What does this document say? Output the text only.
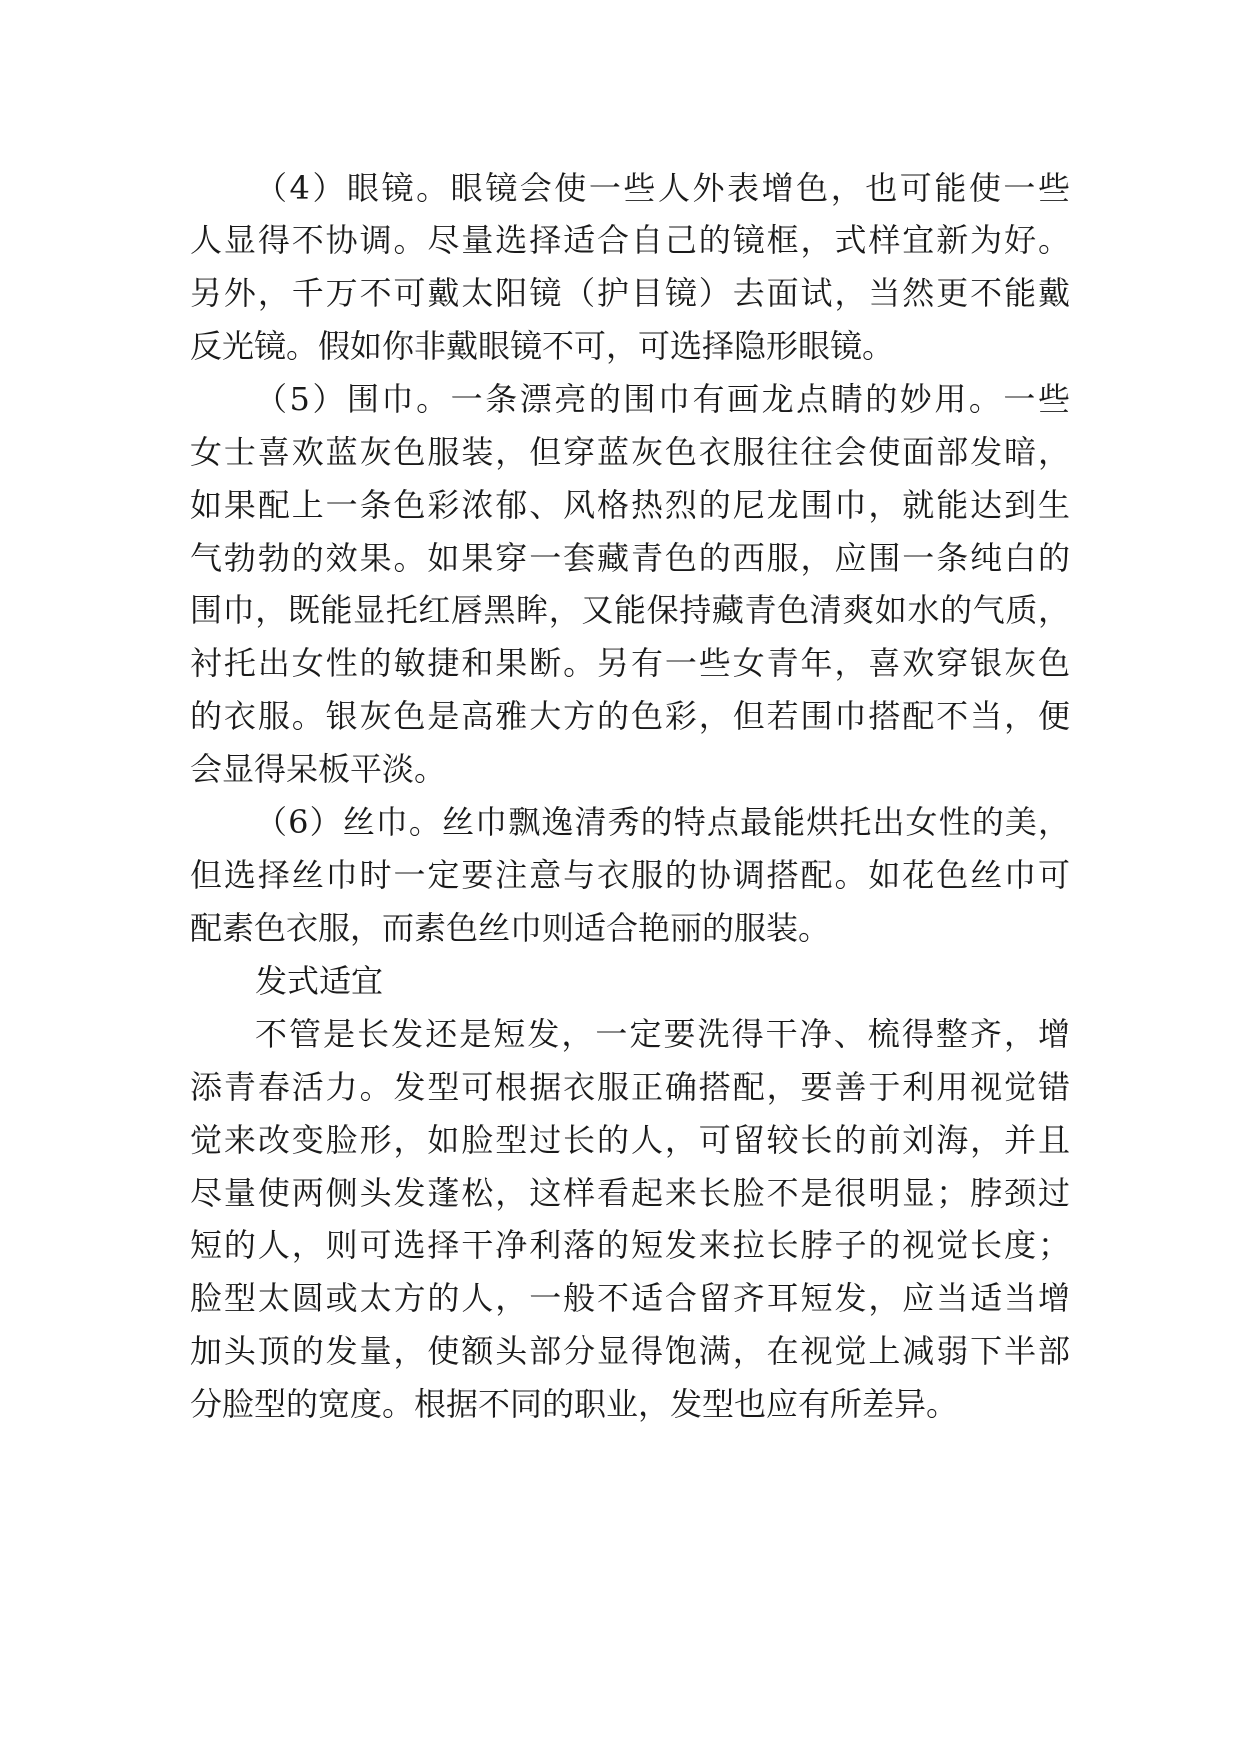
（4）眼镜。眼镜会使一些人外表增色，也可能使一些
人显得不协调。尽量选择适合自己的镜框，式样宜新为好。
另外，千万不可戴太阳镜（护目镜）去面试，当然更不能戴
反光镜。假如你非戴眼镜不可，可选择隐形眼镜。
（5）围巾。一条漂亮的围巾有画龙点睛的妙用。一些
女士喜欢蓝灰色服装，但穿蓝灰色衣服往往会使面部发暗，
如果配上一条色彩浓郁、风格热烈的尼龙围巾，就能达到生
气勃勃的效果。如果穿一套藏青色的西服，应围一条纯白的
围巾，既能显托红唇黑眸，又能保持藏青色清爽如水的气质，
衬托出女性的敏捷和果断。另有一些女青年，喜欢穿银灰色
的衣服。银灰色是高雅大方的色彩，但若围巾搭配不当，便
会显得呆板平淡。
（6）丝巾。丝巾飘逸清秀的特点最能烘托出女性的美，
但选择丝巾时一定要注意与衣服的协调搭配。如花色丝巾可
配素色衣服，而素色丝巾则适合艳丽的服装。
发式适宜
不管是长发还是短发，一定要洗得干净、梳得整齐，增
添青春活力。发型可根据衣服正确搭配，要善于利用视觉错
觉来改变脸形，如脸型过长的人，可留较长的前刘海，并且
尽量使两侧头发蓬松，这样看起来长脸不是很明显；脖颈过
短的人，则可选择干净利落的短发来拉长脖子的视觉长度；
脸型太圆或太方的人，一般不适合留齐耳短发，应当适当增
加头顶的发量，使额头部分显得饱满，在视觉上减弱下半部
分脸型的宽度。根据不同的职业，发型也应有所差异。
